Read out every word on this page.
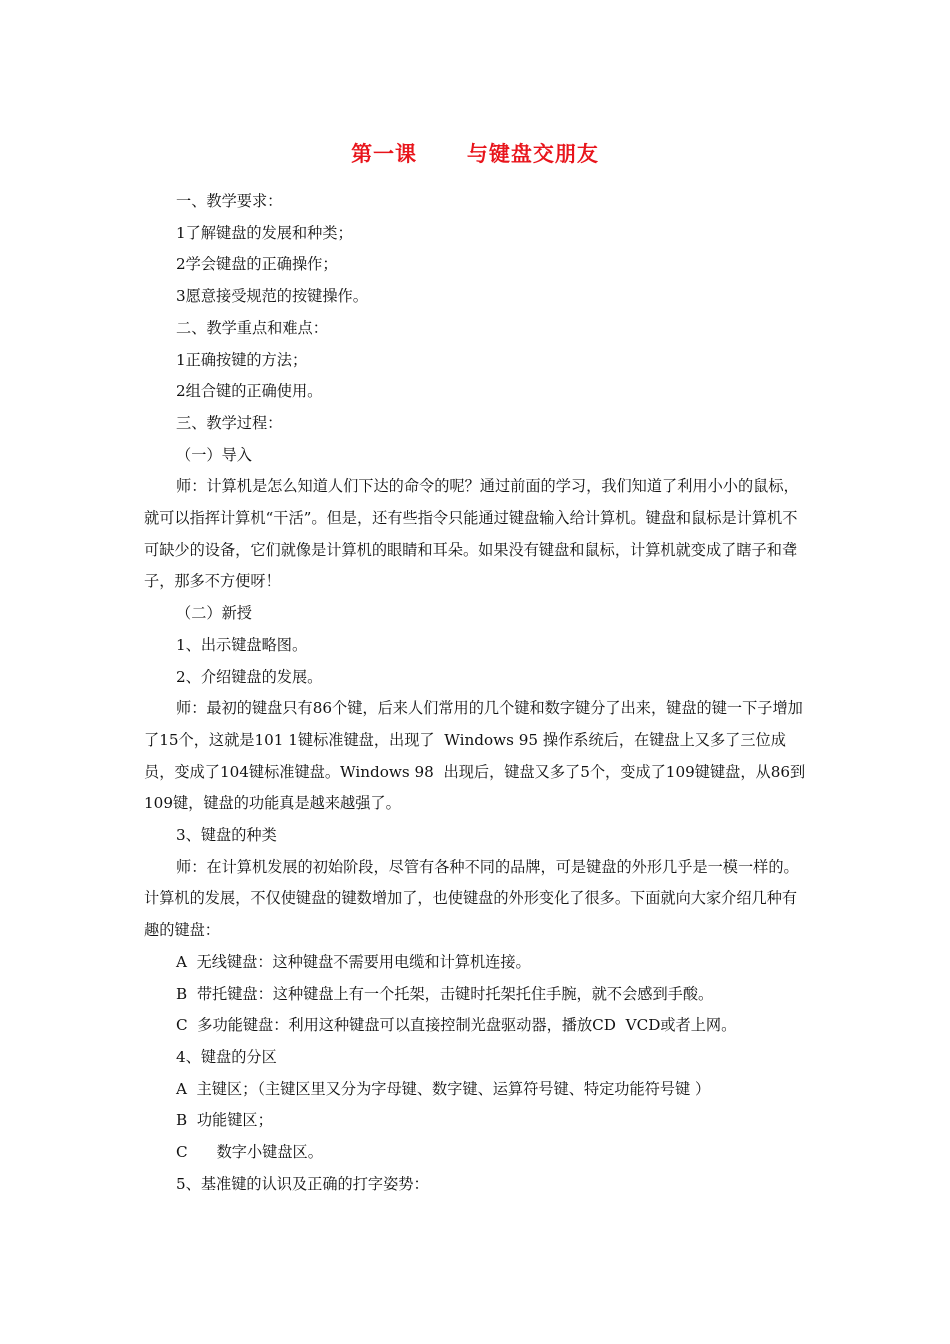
第一课      与键盘交朋友

一、教学要求：

1了解键盘的发展和种类；

2学会键盘的正确操作；

3愿意接受规范的按键操作。

二、教学重点和难点：

1正确按键的方法；

2组合键的正确使用。

三、教学过程：

（一）导入

师：计算机是怎么知道人们下达的命令的呢？通过前面的学习，我们知道了利用小小的鼠标，就可以指挥计算机“干活”。但是，还有些指令只能通过键盘输入给计算机。键盘和鼠标是计算机不可缺少的设备，它们就像是计算机的眼睛和耳朵。如果没有键盘和鼠标，计算机就变成了瞎子和聋子，那多不方便呀！

（二）新授

1、出示键盘略图。

2、介绍键盘的发展。

师：最初的键盘只有86个键，后来人们常用的几个键和数字键分了出来，键盘的键一下子增加了15个，这就是101 1键标准键盘，出现了  Windows 95 操作系统后，在键盘上又多了三位成员，变成了104键标准键盘。Windows 98  出现后，键盘又多了5个，变成了109键键盘，从86到109键，键盘的功能真是越来越强了。

3、键盘的种类

师：在计算机发展的初始阶段，尽管有各种不同的品牌，可是键盘的外形几乎是一模一样的。计算机的发展，不仅使键盘的键数增加了，也使键盘的外形变化了很多。下面就向大家介绍几种有趣的键盘：

A  无线键盘：这种键盘不需要用电缆和计算机连接。

B  带托键盘：这种键盘上有一个托架，击键时托架托住手腕，就不会感到手酸。

C  多功能键盘：利用这种键盘可以直接控制光盘驱动器，播放CD  VCD或者上网。

4、键盘的分区

A  主键区；（主键区里又分为字母键、数字键、运算符号键、特定功能符号键 ）

B  功能键区；

C      数字小键盘区。

5、基准键的认识及正确的打字姿势：
